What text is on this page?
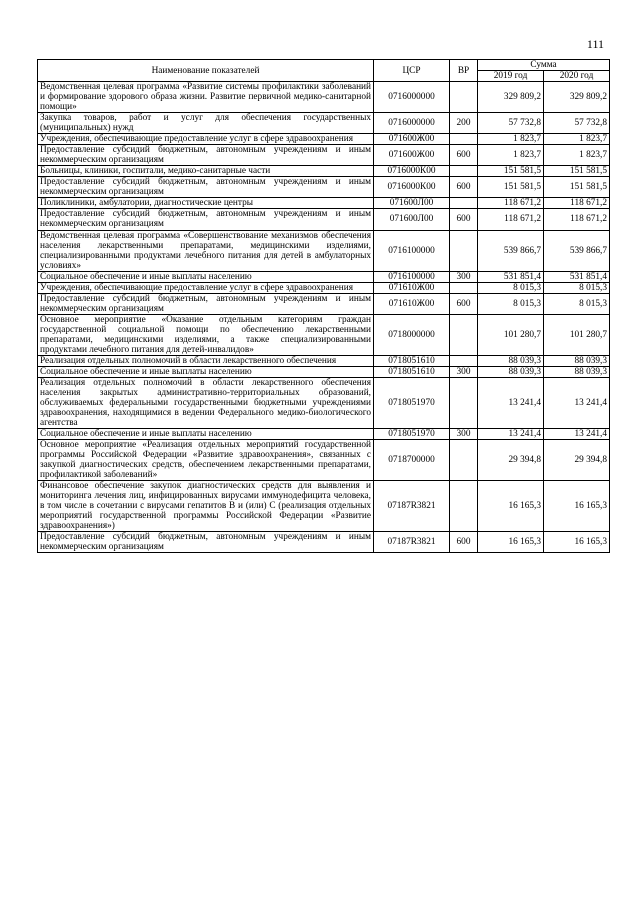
111
Наименование показателей	ЦСР	ВР	Сумма	
			2019 год	2020 год
Ведомственная целевая программа «Развитие системы профилактики заболеваний и формирование здорового образа жизни. Развитие первичной медико-санитарной помощи»	0716000000		329 809,2	329 809,2
Закупка товаров, работ и услуг для обеспечения государственных (муниципальных) нужд	0716000000	200	57 732,8	57 732,8
Учреждения, обеспечивающие предоставление услуг в сфере здравоохранения	071600Ж00		1 823,7	1 823,7
Предоставление субсидий бюджетным, автономным учреждениям и иным некоммерческим организациям	071600Ж00	600	1 823,7	1 823,7
Больницы, клиники, госпитали, медико-санитарные части	0716000К00		151 581,5	151 581,5
Предоставление субсидий бюджетным, автономным учреждениям и иным некоммерческим организациям	0716000К00	600	151 581,5	151 581,5
Поликлиники, амбулатории, диагностические центры	071600Л00		118 671,2	118 671,2
Предоставление субсидий бюджетным, автономным учреждениям и иным некоммерческим организациям	071600Л00	600	118 671,2	118 671,2
Ведомственная целевая программа «Совершенствование механизмов обеспечения населения лекарственными препаратами, медицинскими изделиями, специализированными продуктами лечебного питания для детей в амбулаторных условиях»	0716100000		539 866,7	539 866,7
Социальное обеспечение и иные выплаты населению	0716100000	300	531 851,4	531 851,4
Учреждения, обеспечивающие предоставление услуг в сфере здравоохранения	071610Ж00		8 015,3	8 015,3
Предоставление субсидий бюджетным, автономным учреждениям и иным некоммерческим организациям	071610Ж00	600	8 015,3	8 015,3
Основное мероприятие «Оказание отдельным категориям граждан государственной социальной помощи по обеспечению лекарственными препаратами, медицинскими изделиями, а также специализированными продуктами лечебного питания для детей-инвалидов»	0718000000		101 280,7	101 280,7
Реализация отдельных полномочий в области лекарственного обеспечения	0718051610		88 039,3	88 039,3
Социальное обеспечение и иные выплаты населению	0718051610	300	88 039,3	88 039,3
Реализация отдельных полномочий в области лекарственного обеспечения населения закрытых административно-территориальных образований, обслуживаемых федеральными государственными бюджетными учреждениями здравоохранения, находящимися в ведении Федерального медико-биологического агентства	0718051970		13 241,4	13 241,4
Социальное обеспечение и иные выплаты населению	0718051970	300	13 241,4	13 241,4
Основное мероприятие «Реализация отдельных мероприятий государственной программы Российской Федерации «Развитие здравоохранения», связанных с закупкой диагностических средств, обеспечением лекарственными препаратами, профилактикой заболеваний»	0718700000		29 394,8	29 394,8
Финансовое обеспечение закупок диагностических средств для выявления и мониторинга лечения лиц, инфицированных вирусами иммунодефицита человека, в том числе в сочетании с вирусами гепатитов В и (или) С (реализация отдельных мероприятий государственной программы Российской Федерации «Развитие здравоохранения»)	07187R3821		16 165,3	16 165,3
Предоставление субсидий бюджетным, автономным учреждениям и иным некоммерческим организациям	07187R3821	600	16 165,3	16 165,3
